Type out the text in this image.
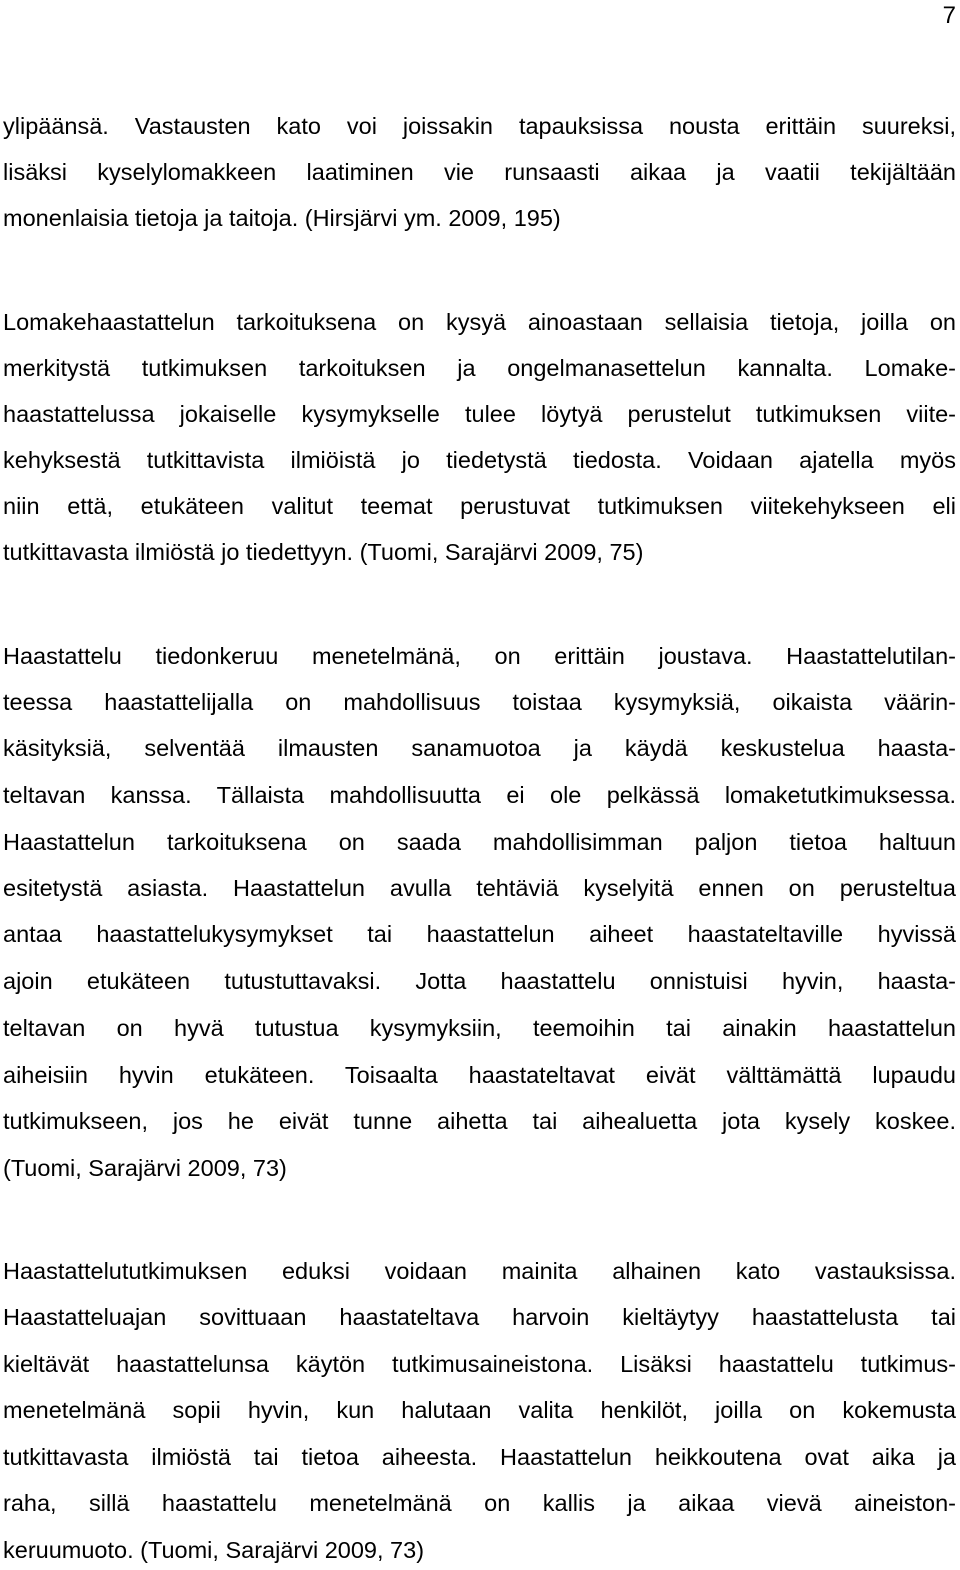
7
ylipäänsä. Vastausten kato voi joissakin tapauksissa nousta erittäin suureksi,
lisäksi kyselylomakkeen laatiminen vie runsaasti aikaa ja vaatii tekijältään
monenlaisia tietoja ja taitoja. (Hirsjärvi ym. 2009, 195)
Lomakehaastattelun tarkoituksena on kysyä ainoastaan sellaisia tietoja, joilla on
merkitystä tutkimuksen tarkoituksen ja ongelmanasettelun kannalta. Lomake-
haastattelussa jokaiselle kysymykselle tulee löytyä perustelut tutkimuksen viite-
kehyksestä tutkittavista ilmiöistä jo tiedetystä tiedosta. Voidaan ajatella myös
niin että, etukäteen valitut teemat perustuvat tutkimuksen viitekehykseen eli
tutkittavasta ilmiöstä jo tiedettyyn. (Tuomi, Sarajärvi 2009, 75)
Haastattelu tiedonkeruu menetelmänä, on erittäin joustava. Haastattelutilan-
teessa haastattelijalla on mahdollisuus toistaa kysymyksiä, oikaista väärin-
käsityksiä, selventää ilmausten sanamuotoa ja käydä keskustelua haasta-
teltavan kanssa. Tällaista mahdollisuutta ei ole pelkässä lomaketutkimuksessa.
Haastattelun tarkoituksena on saada mahdollisimman paljon tietoa haltuun
esitetystä asiasta. Haastattelun avulla tehtäviä kyselyitä ennen on perusteltua
antaa haastattelukysymykset tai haastattelun aiheet haastateltaville hyvissä
ajoin etukäteen tutustuttavaksi. Jotta haastattelu onnistuisi hyvin, haasta-
teltavan on hyvä tutustua kysymyksiin, teemoihin tai ainakin haastattelun
aiheisiin hyvin etukäteen. Toisaalta haastateltavat eivät välttämättä lupaudu
tutkimukseen, jos he eivät tunne aihetta tai aihealuetta jota kysely koskee.
(Tuomi, Sarajärvi 2009, 73)
Haastattelututkimuksen eduksi voidaan mainita alhainen kato vastauksissa.
Haastatteluajan sovittuaan haastateltava harvoin kieltäytyy haastattelusta tai
kieltävät haastattelunsa käytön tutkimusaineistona. Lisäksi haastattelu tutkimus-
menetelmänä sopii hyvin, kun halutaan valita henkilöt, joilla on kokemusta
tutkittavasta ilmiöstä tai tietoa aiheesta. Haastattelun heikkoutena ovat aika ja
raha, sillä haastattelu menetelmänä on kallis ja aikaa vievä aineiston-
keruumuoto. (Tuomi, Sarajärvi 2009, 73)
